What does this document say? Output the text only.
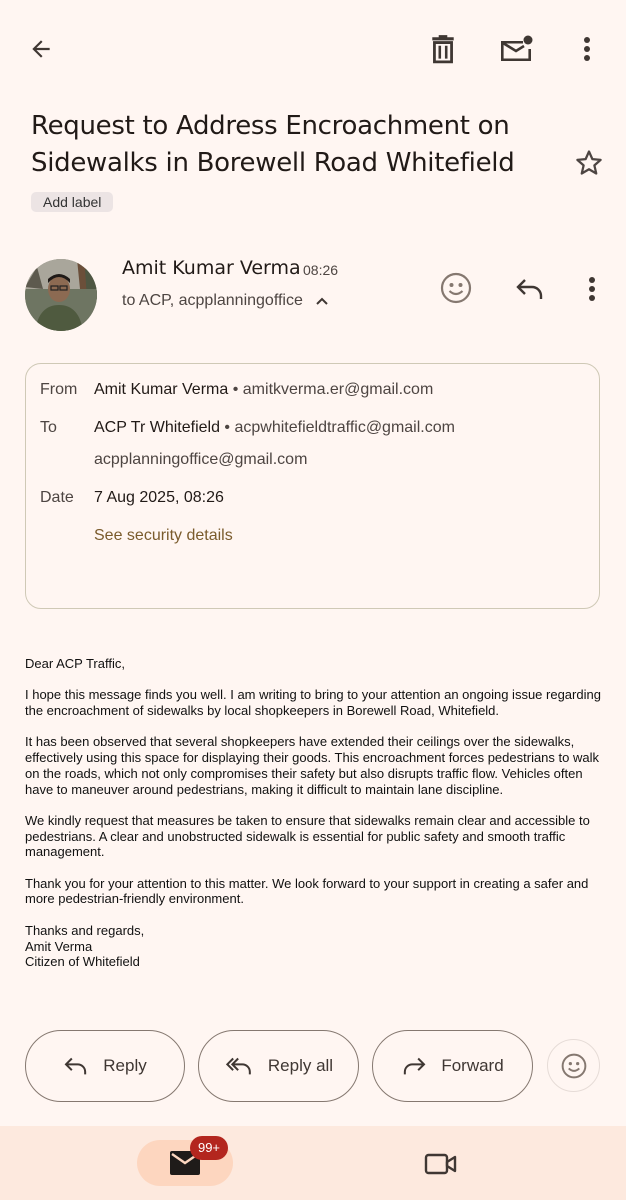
Request to Address Encroachment on Sidewalks in Borewell Road Whitefield
Add label
Amit Kumar Verma 08:26
to ACP, acpplanningoffice
From Amit Kumar Verma • amitkverma.er@gmail.com
To ACP Tr Whitefield • acpwhitefieldtraffic@gmail.com
acpplanningoffice@gmail.com
Date 7 Aug 2025, 08:26
See security details

Dear ACP Traffic,

I hope this message finds you well. I am writing to bring to your attention an ongoing issue regarding the encroachment of sidewalks by local shopkeepers in Borewell Road, Whitefield.

It has been observed that several shopkeepers have extended their ceilings over the sidewalks, effectively using this space for displaying their goods. This encroachment forces pedestrians to walk on the roads, which not only compromises their safety but also disrupts traffic flow. Vehicles often have to maneuver around pedestrians, making it difficult to maintain lane discipline.

We kindly request that measures be taken to ensure that sidewalks remain clear and accessible to pedestrians. A clear and unobstructed sidewalk is essential for public safety and smooth traffic management.

Thank you for your attention to this matter. We look forward to your support in creating a safer and more pedestrian-friendly environment.

Thanks and regards,
Amit Verma
Citizen of Whitefield
Reply	Reply all	Forward
99+
